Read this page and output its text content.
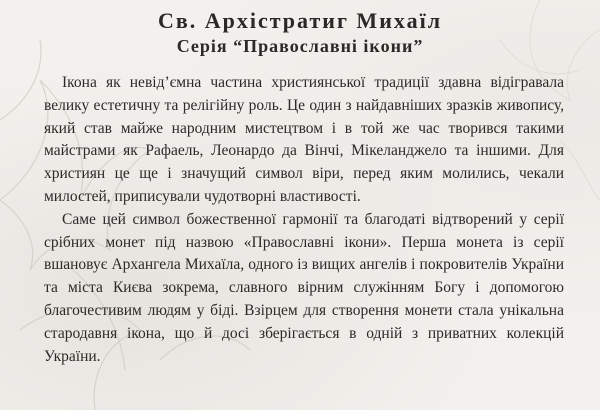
Св. Архістратиг Михаїл
Серія “Православні ікони”

Ікона як невід’ємна частина християнської традиції здавна відігравала велику естетичну та релігійну роль. Це один з найдавніших зразків живопису, який став майже народним мистецтвом і в той же час творився такими майстрами як Рафаель, Леонардо да Вінчі, Мікеланджело та іншими. Для християн це ще і значущий символ віри, перед яким молились, чекали милостей, приписували чудотворні властивості.

Саме цей символ божественної гармонії та благодаті відтворений у серії срібних монет під назвою «Православні ікони». Перша монета із серії вшановує Архангела Михаїла, одного із вищих ангелів і покровителів України та міста Києва зокрема, славного вірним служінням Богу і допомогою благочестивим людям у біді. Взірцем для створення монети стала унікальна стародавня ікона, що й досі зберігається в одній з приватних колекцій України.
